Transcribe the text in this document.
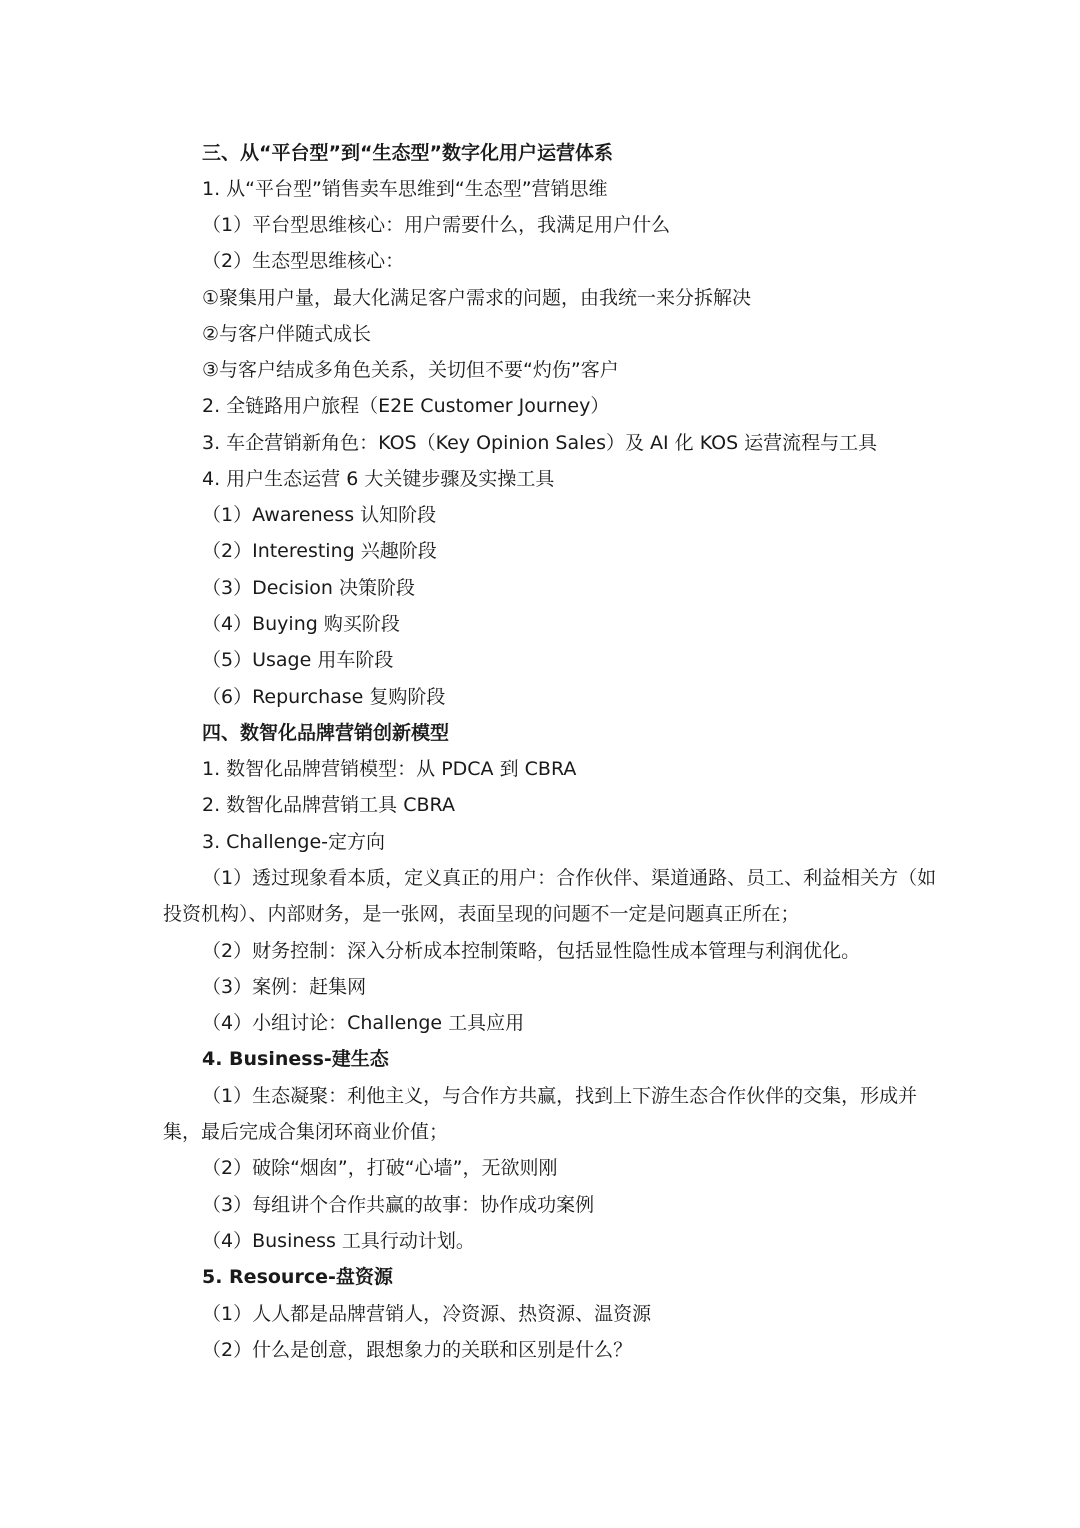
三、从“平台型”到“生态型”数字化用户运营体系
1. 从“平台型”销售卖车思维到“生态型”营销思维
（1）平台型思维核心：用户需要什么，我满足用户什么
（2）生态型思维核心：
①聚集用户量，最大化满足客户需求的问题，由我统一来分拆解决
②与客户伴随式成长
③与客户结成多角色关系，关切但不要“灼伤”客户
2. 全链路用户旅程（E2E Customer Journey）
3. 车企营销新角色：KOS（Key Opinion Sales）及 AI 化 KOS 运营流程与工具
4. 用户生态运营 6 大关键步骤及实操工具
（1）Awareness 认知阶段
（2）Interesting 兴趣阶段
（3）Decision 决策阶段
（4）Buying 购买阶段
（5）Usage 用车阶段
（6）Repurchase 复购阶段
四、数智化品牌营销创新模型
1. 数智化品牌营销模型：从 PDCA 到 CBRA
2. 数智化品牌营销工具 CBRA
3. Challenge-定方向
（1）透过现象看本质，定义真正的用户：合作伙伴、渠道通路、员工、利益相关方（如
投资机构）、内部财务，是一张网，表面呈现的问题不一定是问题真正所在；
（2）财务控制：深入分析成本控制策略，包括显性隐性成本管理与利润优化。
（3）案例：赶集网
（4）小组讨论：Challenge 工具应用
4. Business-建生态
（1）生态凝聚：利他主义，与合作方共赢，找到上下游生态合作伙伴的交集，形成并
集，最后完成合集闭环商业价值；
（2）破除“烟囱”，打破“心墙”，无欲则刚
（3）每组讲个合作共赢的故事：协作成功案例
（4）Business 工具行动计划。
5. Resource-盘资源
（1）人人都是品牌营销人，冷资源、热资源、温资源
（2）什么是创意，跟想象力的关联和区别是什么？
